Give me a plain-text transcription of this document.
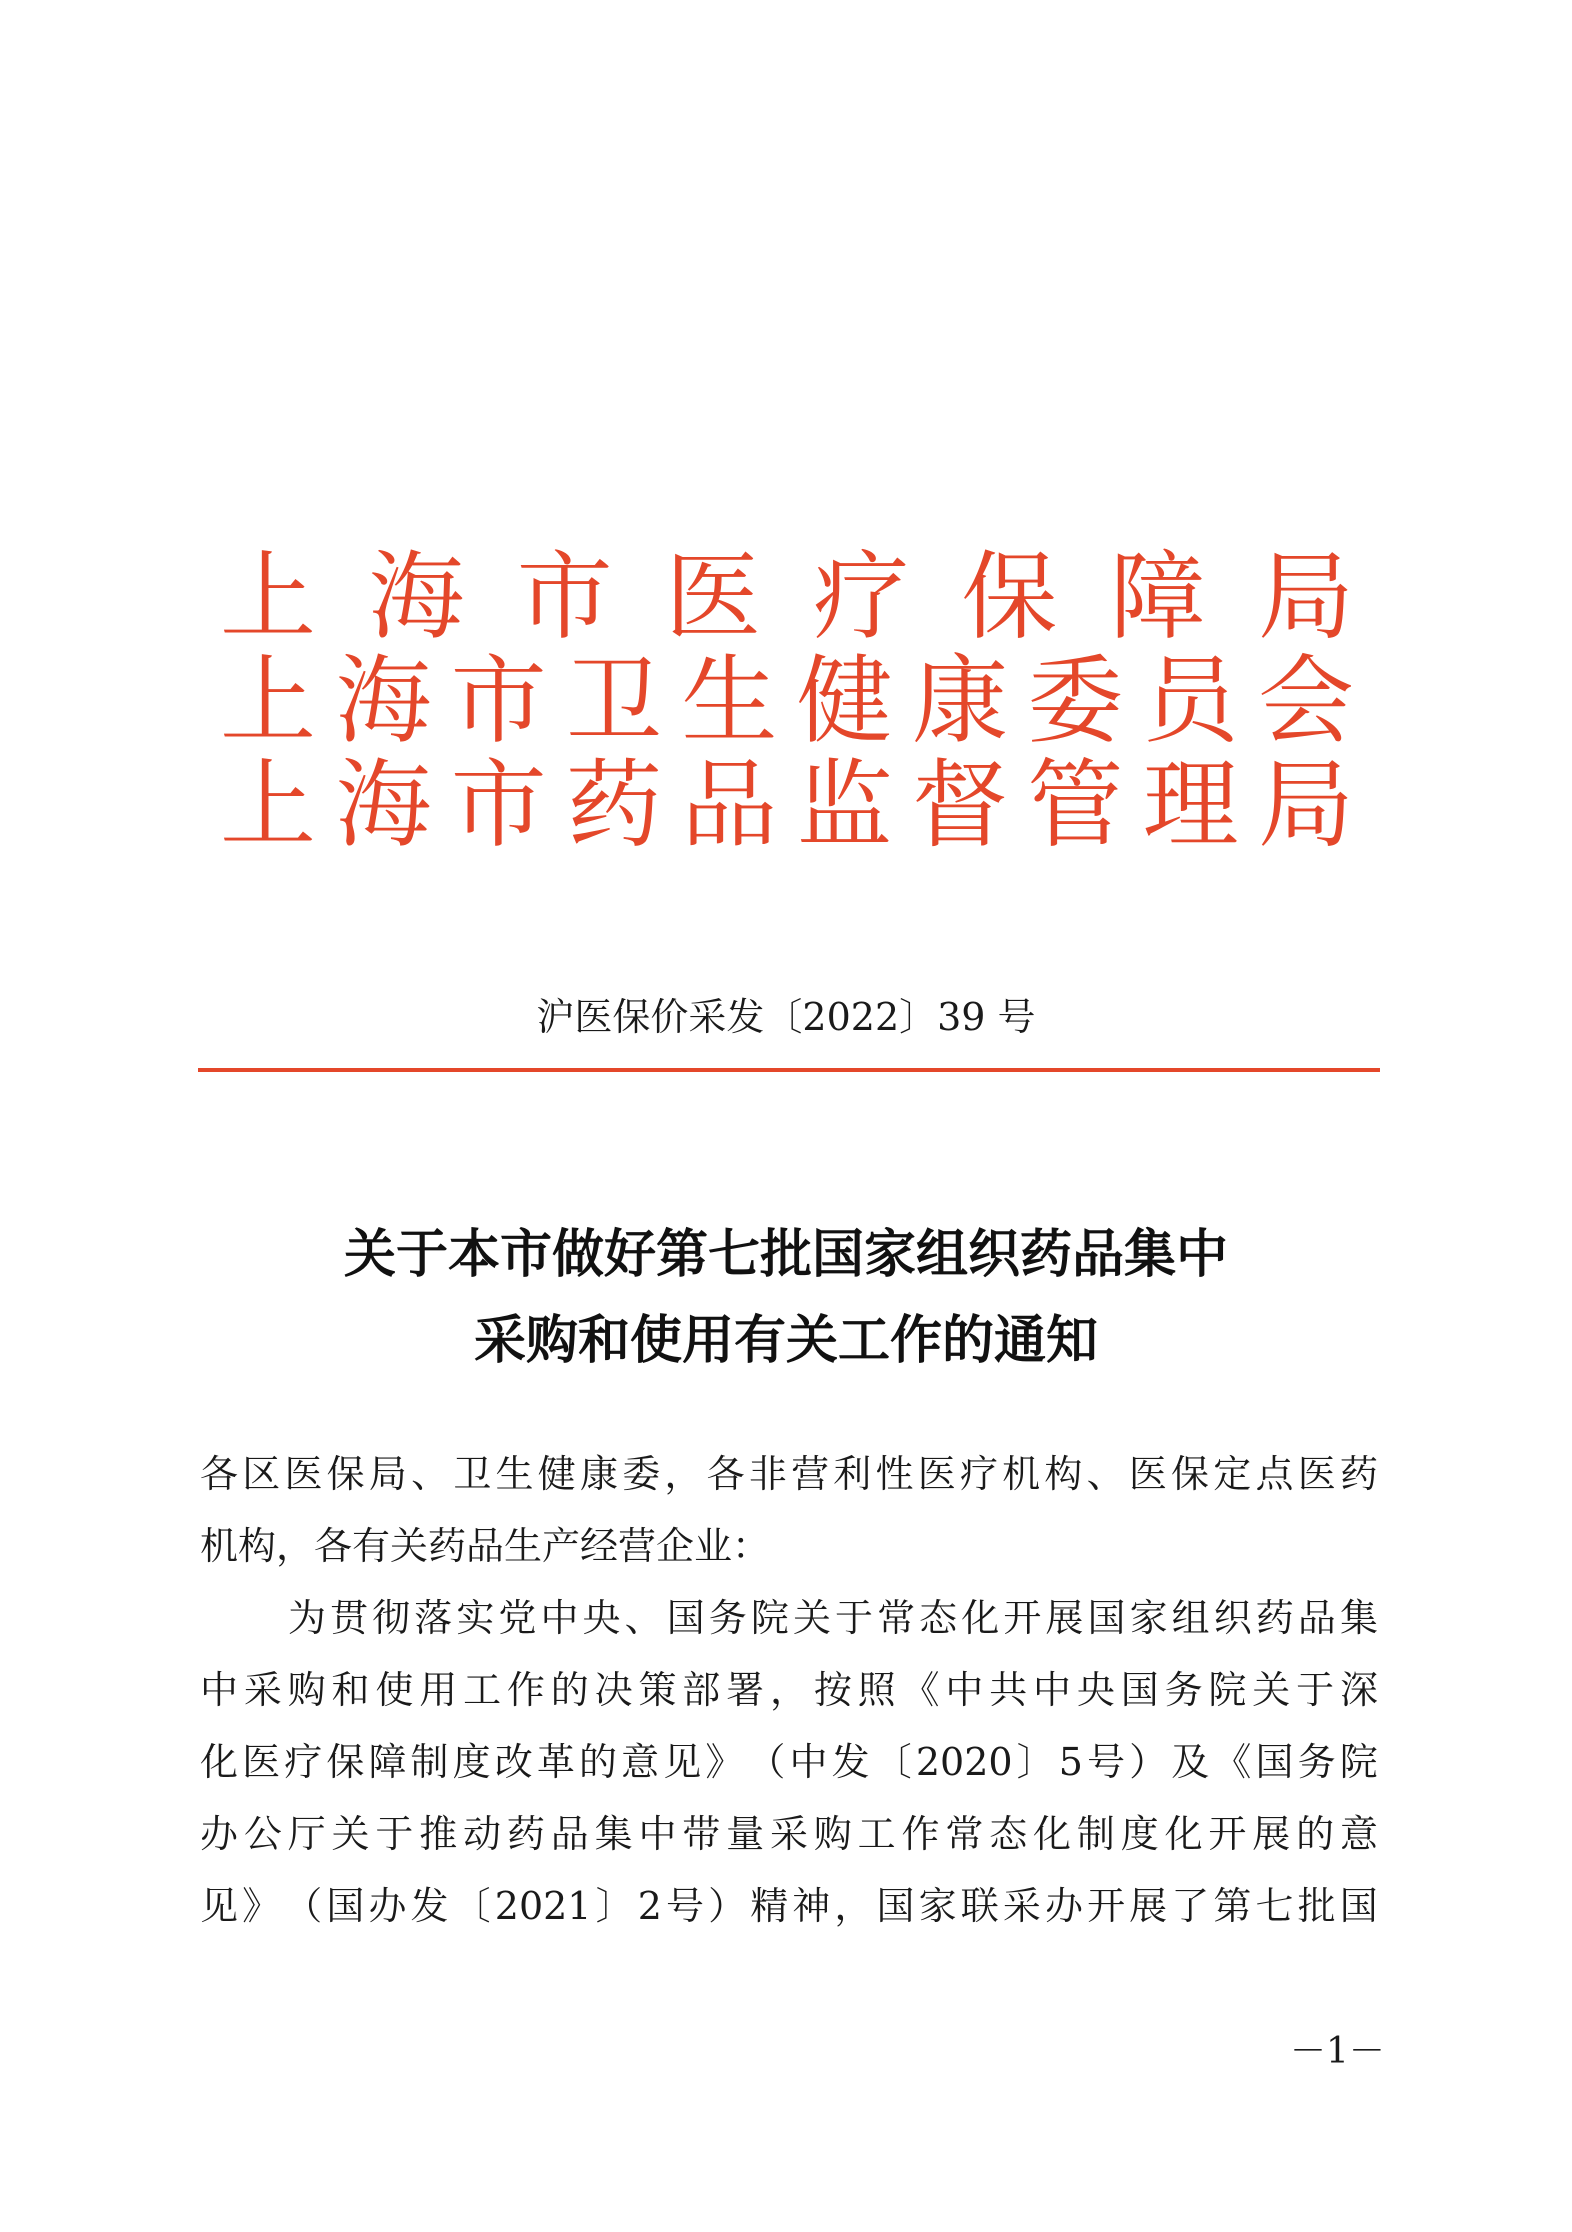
上 海 市 医 疗 保 障 局
上 海 市 卫 生 健 康 委 员 会
上 海 市 药 品 监 督 管 理 局
沪医保价采发〔2022〕39 号
关于本市做好第七批国家组织药品集中
采购和使用有关工作的通知
各 区 医 保 局 、 卫 生 健 康 委 ， 各 非 营 利 性 医 疗 机 构 、 医 保 定 点 医 药
机构，各有关药品生产经营企业：
为 贯 彻 落 实 党 中 央 、 国 务 院 关 于 常 态 化 开 展 国 家 组 织 药 品 集
中 采 购 和 使 用 工 作 的 决 策 部 署 ， 按 照 《 中 共 中 央 国 务 院 关 于 深
化 医 疗 保 障 制 度 改 革 的 意 见 》 （ 中 发 〔 2020 〕 5 号 ） 及 《 国 务 院
办 公 厅 关 于 推 动 药 品 集 中 带 量 采 购 工 作 常 态 化 制 度 化 开 展 的 意
见 》 （ 国 办 发 〔 2021 〕 2 号 ） 精 神 ， 国 家 联 采 办 开 展 了 第 七 批 国
－1－
